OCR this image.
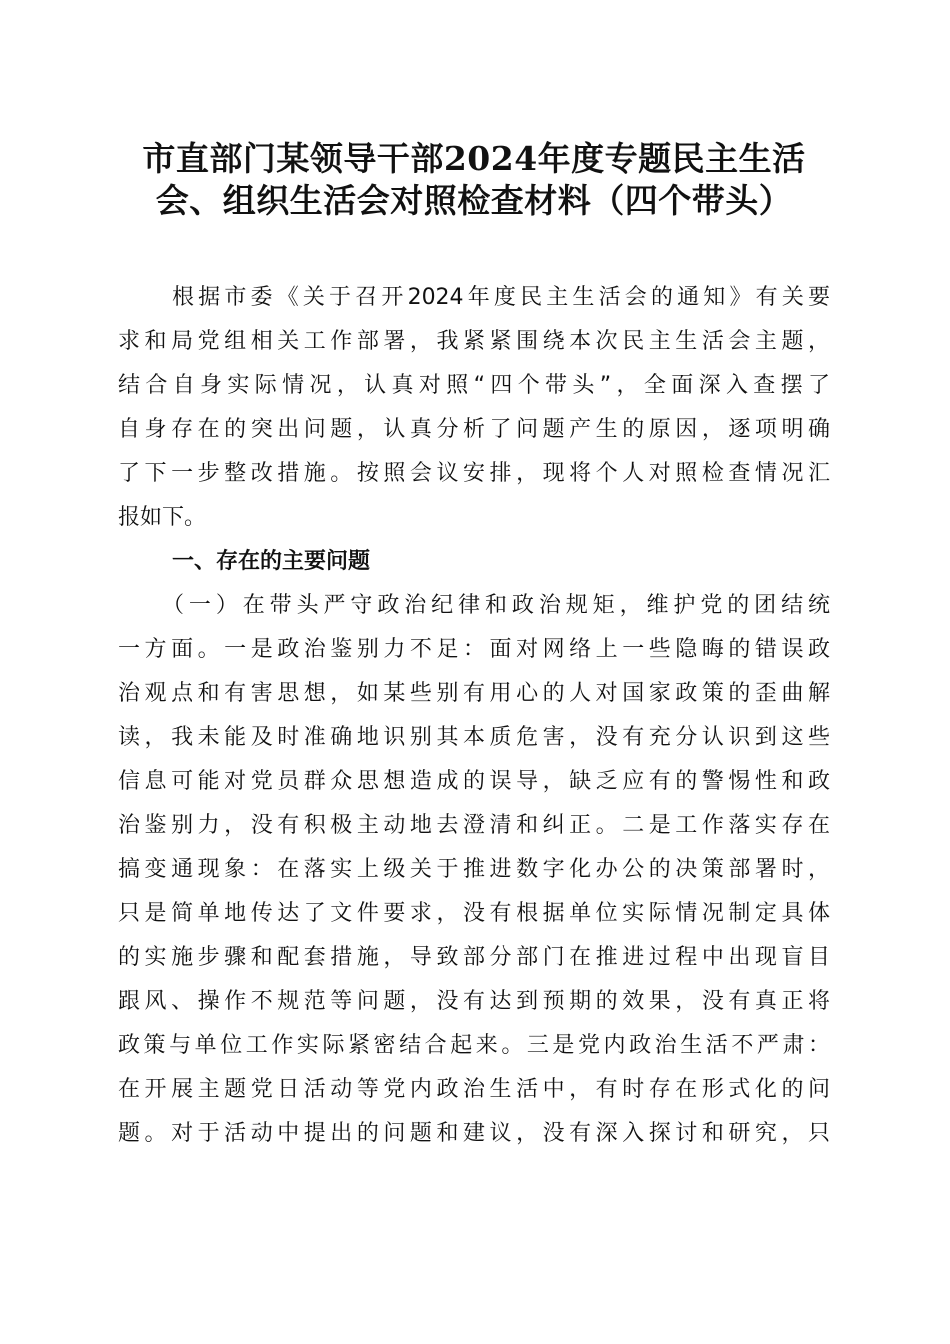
市直部门某领导干部2024年度专题民主生活
会、组织生活会对照检查材料（四个带头）
根据市委《关于召开2024年度民主生活会的通知》有关要
求和局党组相关工作部署，我紧紧围绕本次民主生活会主题，
结合自身实际情况，认真对照“四个带头”，全面深入查摆了
自身存在的突出问题，认真分析了问题产生的原因，逐项明确
了下一步整改措施。按照会议安排，现将个人对照检查情况汇
报如下。
一、存在的主要问题
（一）在带头严守政治纪律和政治规矩，维护党的团结统
一方面。一是政治鉴别力不足：面对网络上一些隐晦的错误政
治观点和有害思想，如某些别有用心的人对国家政策的歪曲解
读，我未能及时准确地识别其本质危害，没有充分认识到这些
信息可能对党员群众思想造成的误导，缺乏应有的警惕性和政
治鉴别力，没有积极主动地去澄清和纠正。二是工作落实存在
搞变通现象：在落实上级关于推进数字化办公的决策部署时，
只是简单地传达了文件要求，没有根据单位实际情况制定具体
的实施步骤和配套措施，导致部分部门在推进过程中出现盲目
跟风、操作不规范等问题，没有达到预期的效果，没有真正将
政策与单位工作实际紧密结合起来。三是党内政治生活不严肃：
在开展主题党日活动等党内政治生活中，有时存在形式化的问
题。对于活动中提出的问题和建议，没有深入探讨和研究，只
